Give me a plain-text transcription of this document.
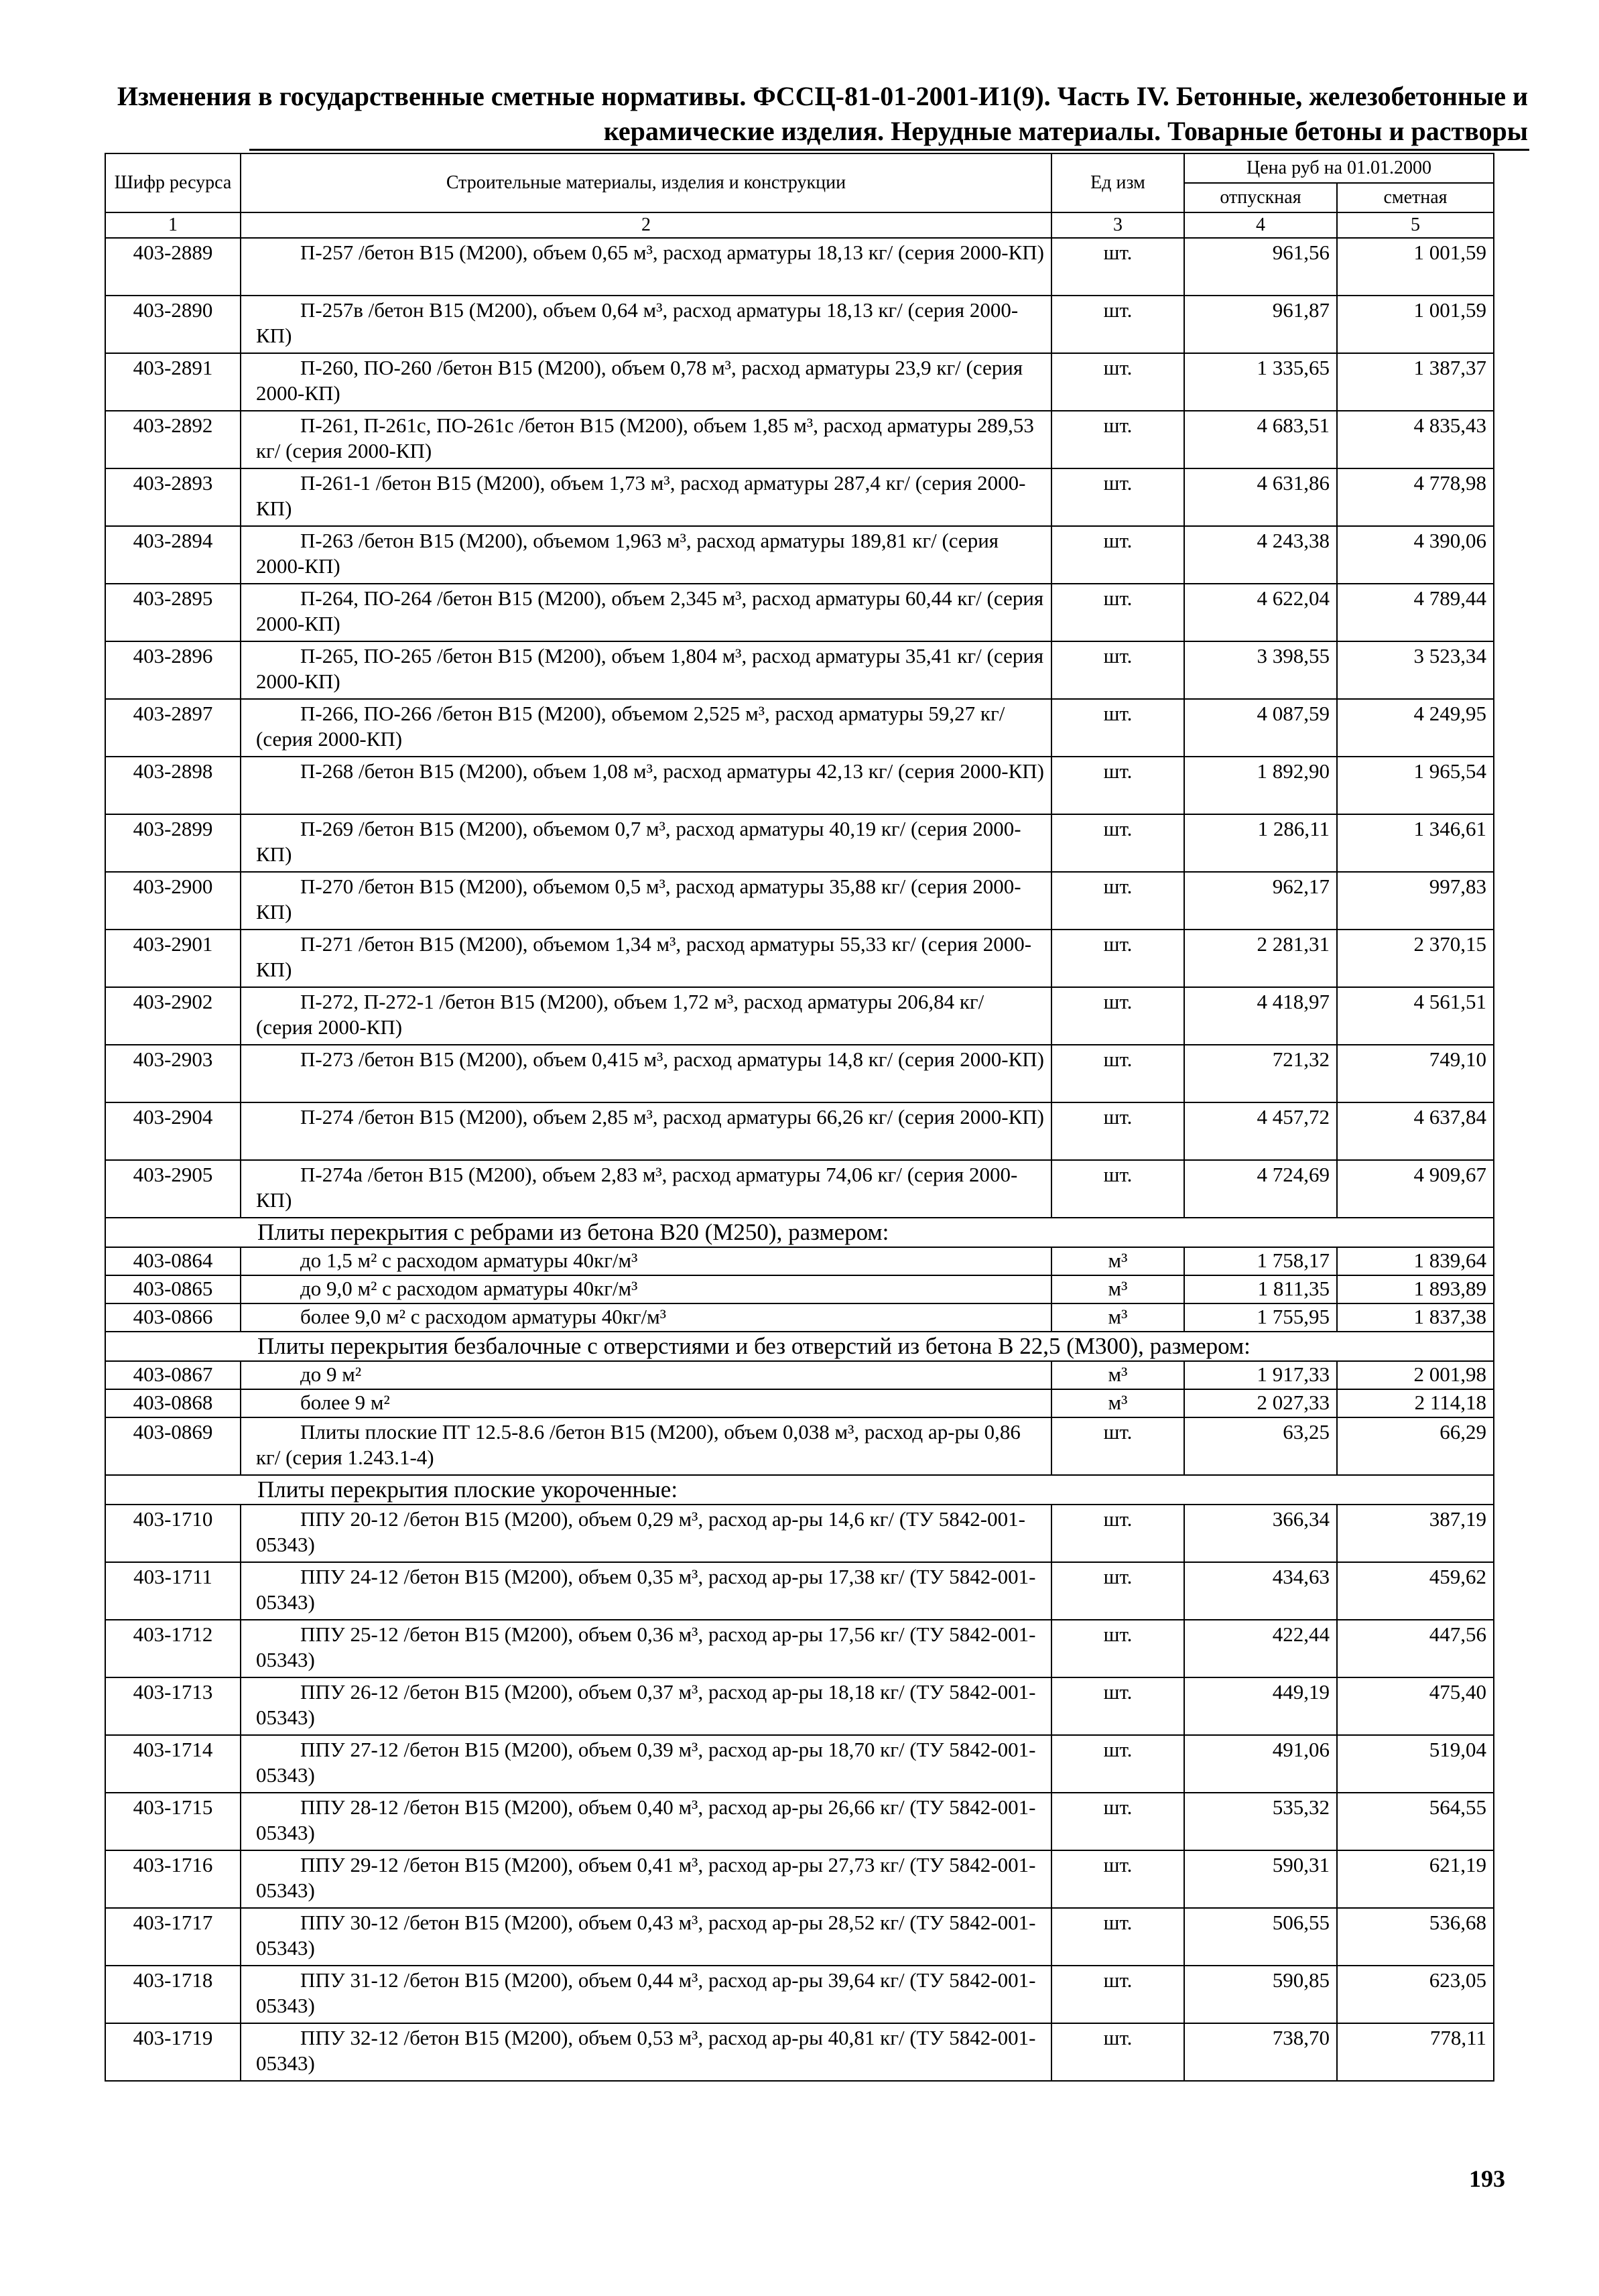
Изменения в государственные сметные нормативы. ФССЦ-81-01-2001-И1(9). Часть IV. Бетонные, железобетонные и
керамические изделия. Нерудные материалы. Товарные бетоны и растворы
Шифр ресурса	Строительные материалы, изделия и конструкции	Ед изм	Цена руб на 01.01.2000	
			отпускная	сметная
1	2	3	4	5
403-2889	П-257 /бетон В15 (М200), объем 0,65 м³, расход арматуры 18,13 кг/ (серия 2000-КП)	шт.	961,56	1 001,59
403-2890	П-257в /бетон В15 (М200), объем 0,64 м³, расход арматуры 18,13 кг/ (серия 2000-КП)	шт.	961,87	1 001,59
403-2891	П-260, ПО-260 /бетон В15 (М200), объем 0,78 м³, расход арматуры 23,9 кг/ (серия 2000-КП)	шт.	1 335,65	1 387,37
403-2892	П-261, П-261с, ПО-261с /бетон В15 (М200), объем 1,85 м³, расход арматуры 289,53 кг/ (серия 2000-КП)	шт.	4 683,51	4 835,43
403-2893	П-261-1 /бетон В15 (М200), объем 1,73 м³, расход арматуры 287,4 кг/ (серия 2000-КП)	шт.	4 631,86	4 778,98
403-2894	П-263 /бетон В15 (М200), объемом 1,963 м³, расход арматуры 189,81 кг/ (серия 2000-КП)	шт.	4 243,38	4 390,06
403-2895	П-264, ПО-264 /бетон В15 (М200), объем 2,345 м³, расход арматуры 60,44 кг/ (серия 2000-КП)	шт.	4 622,04	4 789,44
403-2896	П-265, ПО-265 /бетон В15 (М200), объем 1,804 м³, расход арматуры 35,41 кг/ (серия 2000-КП)	шт.	3 398,55	3 523,34
403-2897	П-266, ПО-266 /бетон В15 (М200), объемом 2,525 м³, расход арматуры 59,27 кг/ (серия 2000-КП)	шт.	4 087,59	4 249,95
403-2898	П-268 /бетон В15 (М200), объем 1,08 м³, расход арматуры 42,13 кг/ (серия 2000-КП)	шт.	1 892,90	1 965,54
403-2899	П-269 /бетон В15 (М200), объемом 0,7 м³, расход арматуры 40,19 кг/ (серия 2000-КП)	шт.	1 286,11	1 346,61
403-2900	П-270 /бетон В15 (М200), объемом 0,5 м³, расход арматуры 35,88 кг/ (серия 2000-КП)	шт.	962,17	997,83
403-2901	П-271 /бетон В15 (М200), объемом 1,34 м³, расход арматуры 55,33 кг/ (серия 2000-КП)	шт.	2 281,31	2 370,15
403-2902	П-272, П-272-1 /бетон В15 (М200), объем 1,72 м³, расход арматуры 206,84 кг/ (серия 2000-КП)	шт.	4 418,97	4 561,51
403-2903	П-273 /бетон В15 (М200), объем 0,415 м³, расход арматуры 14,8 кг/ (серия 2000-КП)	шт.	721,32	749,10
403-2904	П-274 /бетон В15 (М200), объем 2,85 м³, расход арматуры 66,26 кг/ (серия 2000-КП)	шт.	4 457,72	4 637,84
403-2905	П-274а /бетон В15 (М200), объем 2,83 м³, расход арматуры 74,06 кг/ (серия 2000-КП)	шт.	4 724,69	4 909,67
Плиты перекрытия с ребрами из бетона В20 (М250), размером:				
403-0864	до 1,5 м² с расходом арматуры 40кг/м³	м³	1 758,17	1 839,64
403-0865	до 9,0 м² с расходом арматуры 40кг/м³	м³	1 811,35	1 893,89
403-0866	более 9,0 м² с расходом арматуры 40кг/м³	м³	1 755,95	1 837,38
Плиты перекрытия безбалочные с отверстиями и без отверстий из бетона В 22,5 (М300), размером:				
403-0867	до 9 м²	м³	1 917,33	2 001,98
403-0868	более 9 м²	м³	2 027,33	2 114,18
403-0869	Плиты плоские ПТ 12.5-8.6 /бетон В15 (М200), объем 0,038 м³, расход ар-ры 0,86 кг/ (серия 1.243.1-4)	шт.	63,25	66,29
Плиты перекрытия плоские укороченные:				
403-1710	ППУ 20-12 /бетон В15 (М200), объем 0,29 м³, расход ар-ры 14,6 кг/ (ТУ 5842-001-05343)	шт.	366,34	387,19
403-1711	ППУ 24-12 /бетон В15 (М200), объем 0,35 м³, расход ар-ры 17,38 кг/ (ТУ 5842-001-05343)	шт.	434,63	459,62
403-1712	ППУ 25-12 /бетон В15 (М200), объем 0,36 м³, расход ар-ры 17,56 кг/ (ТУ 5842-001-05343)	шт.	422,44	447,56
403-1713	ППУ 26-12 /бетон В15 (М200), объем 0,37 м³, расход ар-ры 18,18 кг/ (ТУ 5842-001-05343)	шт.	449,19	475,40
403-1714	ППУ 27-12 /бетон В15 (М200), объем 0,39 м³, расход ар-ры 18,70 кг/ (ТУ 5842-001-05343)	шт.	491,06	519,04
403-1715	ППУ 28-12 /бетон В15 (М200), объем 0,40 м³, расход ар-ры 26,66 кг/ (ТУ 5842-001-05343)	шт.	535,32	564,55
403-1716	ППУ 29-12 /бетон В15 (М200), объем 0,41 м³, расход ар-ры 27,73 кг/ (ТУ 5842-001-05343)	шт.	590,31	621,19
403-1717	ППУ 30-12 /бетон В15 (М200), объем 0,43 м³, расход ар-ры 28,52 кг/ (ТУ 5842-001-05343)	шт.	506,55	536,68
403-1718	ППУ 31-12 /бетон В15 (М200), объем 0,44 м³, расход ар-ры 39,64 кг/ (ТУ 5842-001-05343)	шт.	590,85	623,05
403-1719	ППУ 32-12 /бетон В15 (М200), объем 0,53 м³, расход ар-ры 40,81 кг/ (ТУ 5842-001-05343)	шт.	738,70	778,11
193
